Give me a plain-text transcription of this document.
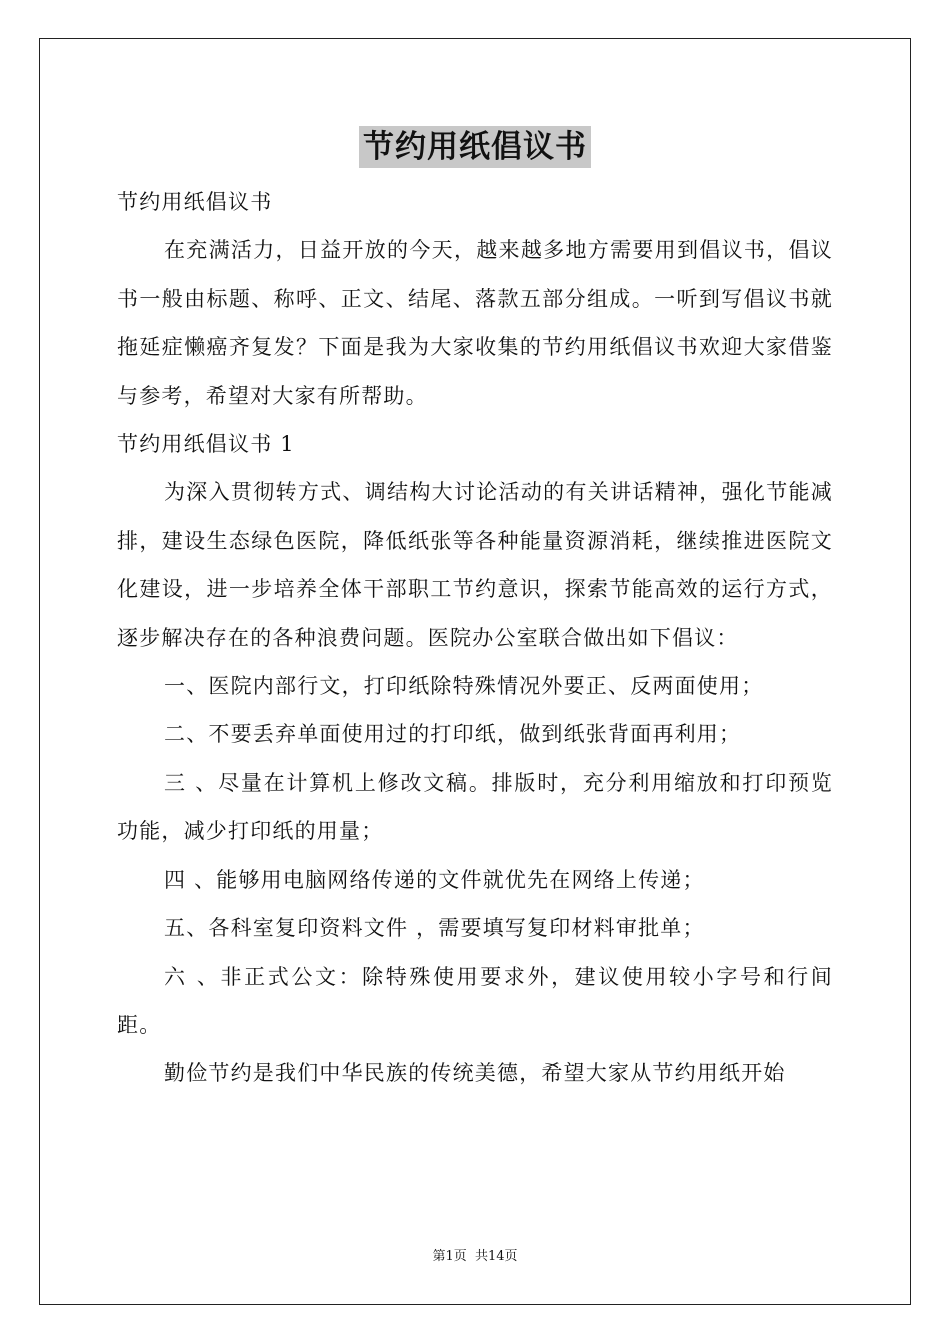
节约用纸倡议书

节约用纸倡议书

在充满活力，日益开放的今天，越来越多地方需要用到倡议书，倡议书一般由标题、称呼、正文、结尾、落款五部分组成。一听到写倡议书就拖延症懒癌齐复发？下面是我为大家收集的节约用纸倡议书欢迎大家借鉴与参考，希望对大家有所帮助。

节约用纸倡议书 1

为深入贯彻转方式、调结构大讨论活动的有关讲话精神，强化节能减排，建设生态绿色医院，降低纸张等各种能量资源消耗，继续推进医院文化建设，进一步培养全体干部职工节约意识，探索节能高效的运行方式，逐步解决存在的各种浪费问题。医院办公室联合做出如下倡议：

一、医院内部行文，打印纸除特殊情况外要正、反两面使用；

二、不要丢弃单面使用过的打印纸，做到纸张背面再利用；

三 、尽量在计算机上修改文稿。排版时，充分利用缩放和打印预览功能，减少打印纸的用量；

四 、能够用电脑网络传递的文件就优先在网络上传递；

五、各科室复印资料文件 ，需要填写复印材料审批单；

六 、非正式公文：除特殊使用要求外，建议使用较小字号和行间距。

勤俭节约是我们中华民族的传统美德，希望大家从节约用纸开始

第1页 共14页
